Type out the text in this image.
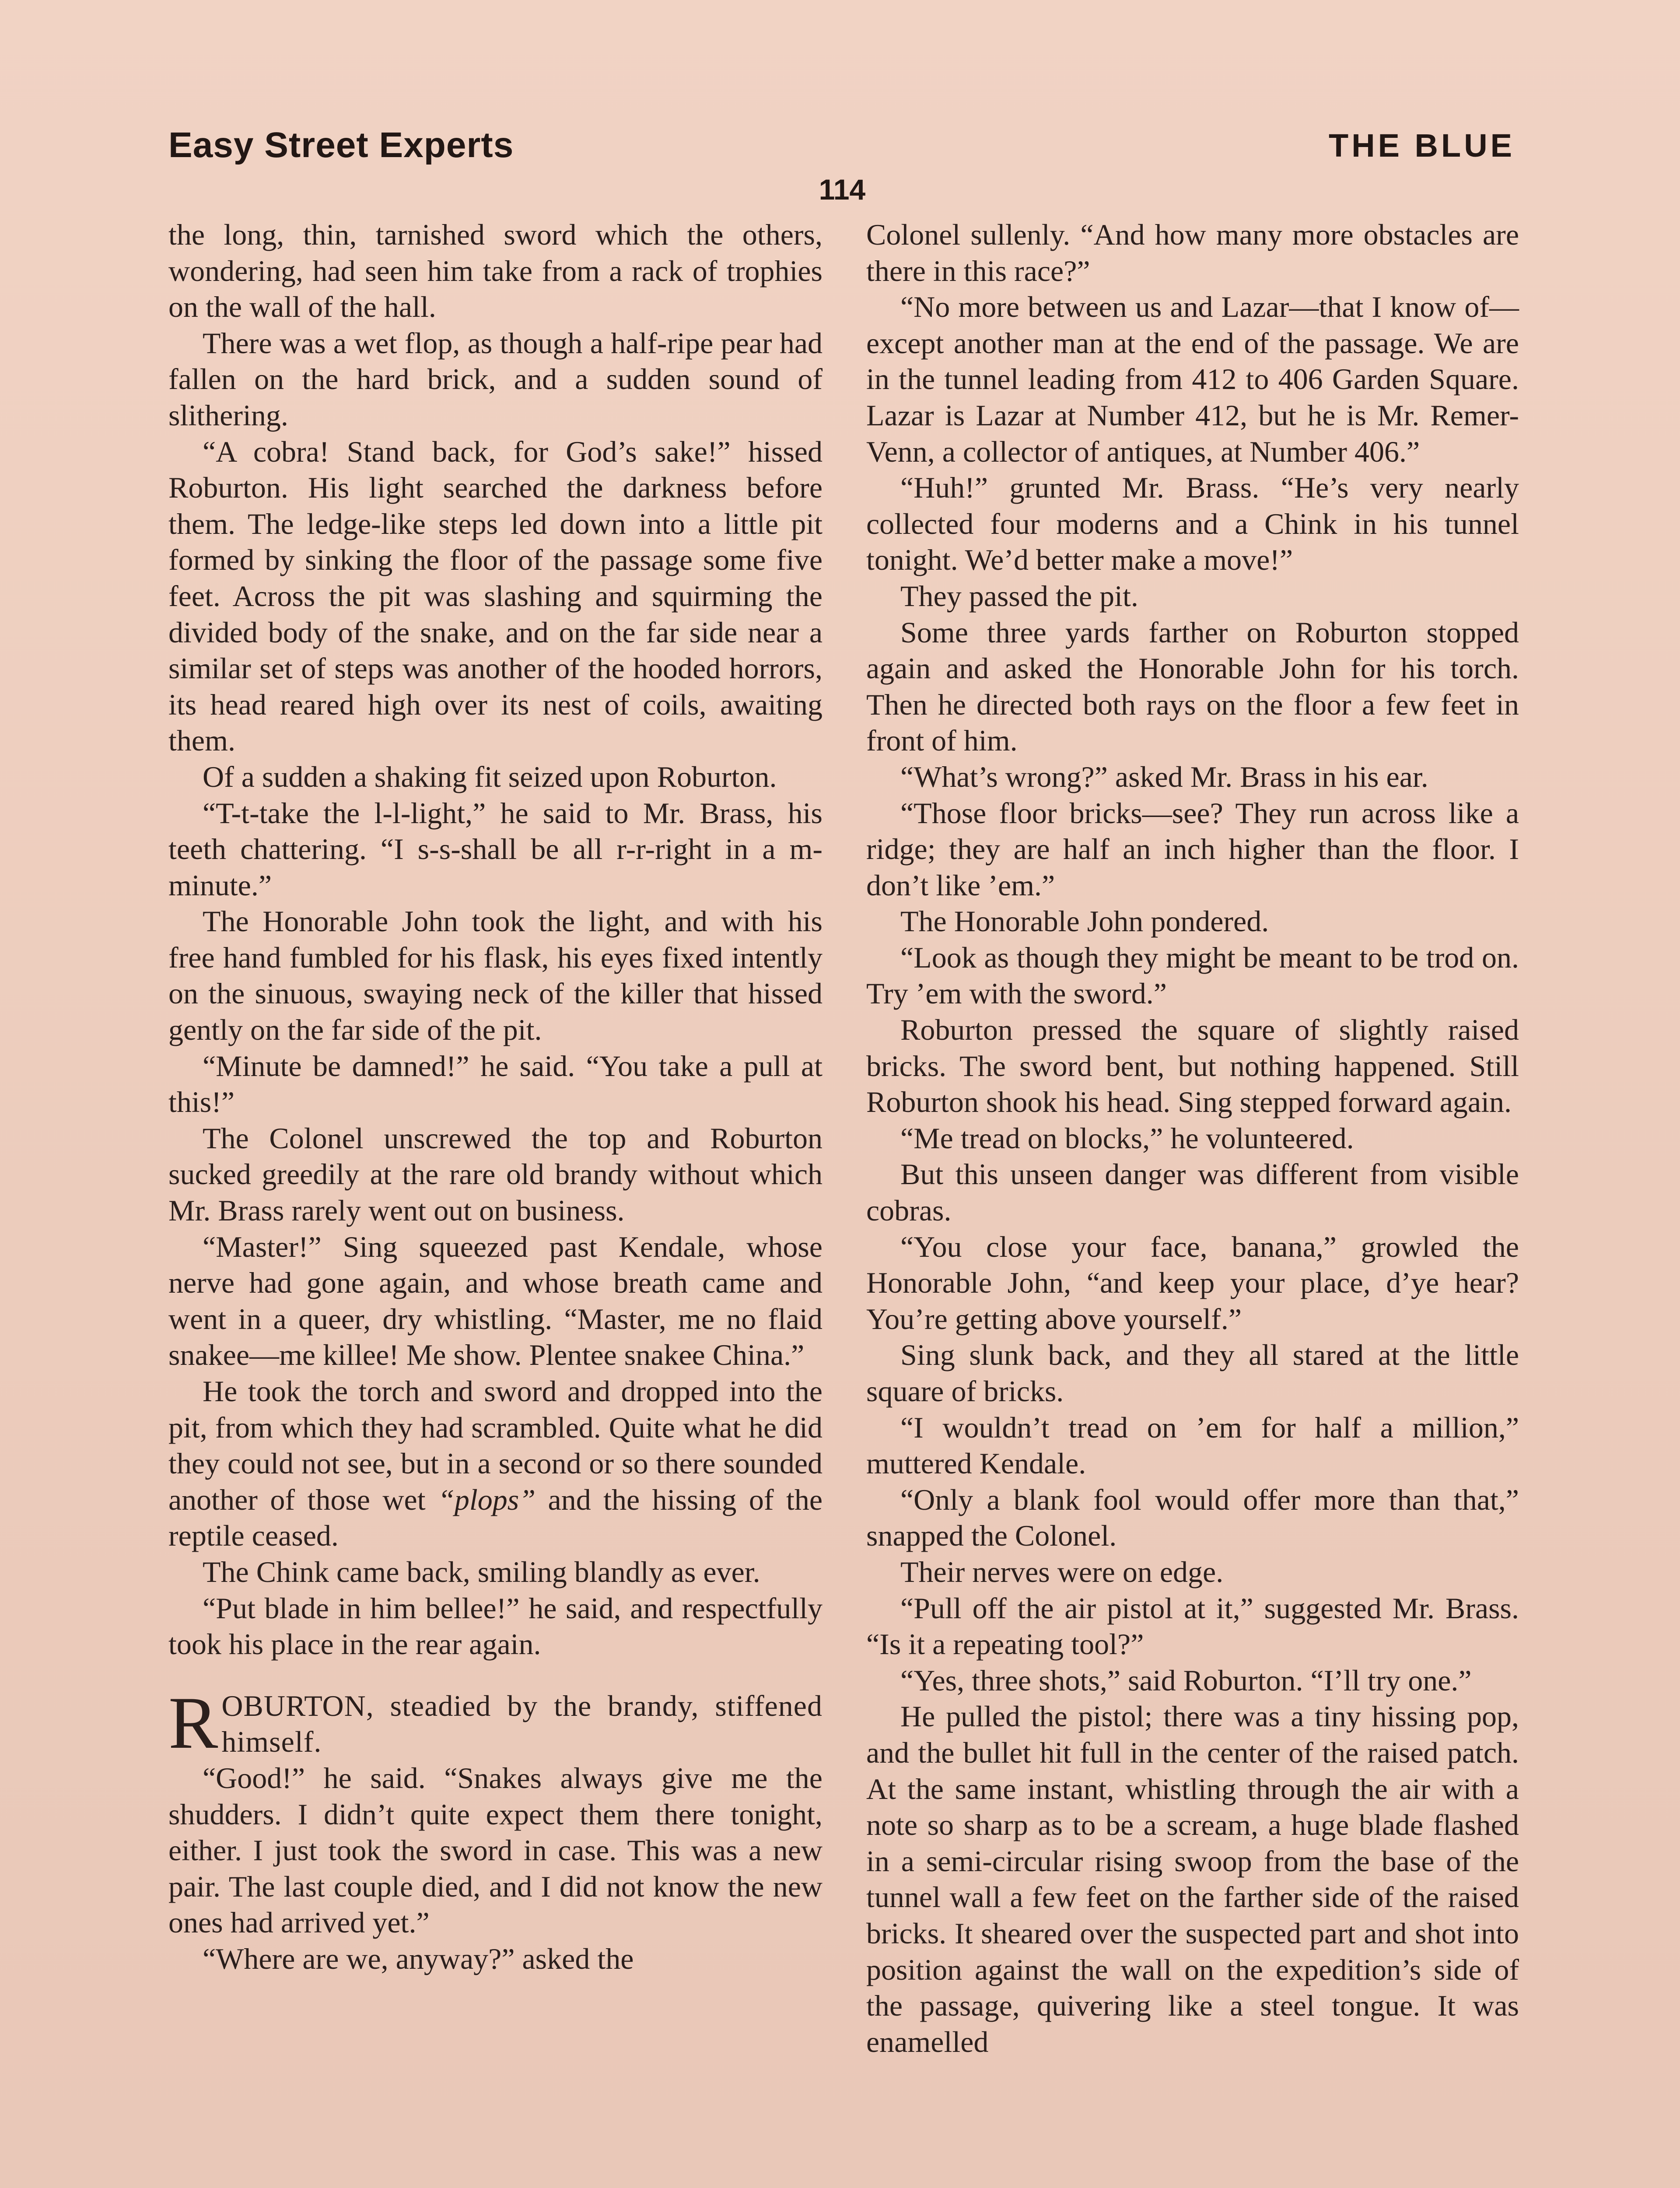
Easy Street Experts	THE BLUE
114

the long, thin, tarnished sword which the others, wondering, had seen him take from a rack of trophies on the wall of the hall.

There was a wet flop, as though a half-ripe pear had fallen on the hard brick, and a sudden sound of slithering.

“A cobra! Stand back, for God’s sake!” hissed Roburton. His light searched the darkness before them. The ledge-like steps led down into a little pit formed by sinking the floor of the passage some five feet. Across the pit was slashing and squirming the divided body of the snake, and on the far side near a similar set of steps was another of the hooded horrors, its head reared high over its nest of coils, awaiting them.

Of a sudden a shaking fit seized upon Roburton.

“T-t-take the l-l-light,” he said to Mr. Brass, his teeth chattering. “I s-s-shall be all r-r-right in a m-minute.”

The Honorable John took the light, and with his free hand fumbled for his flask, his eyes fixed intently on the sinuous, swaying neck of the killer that hissed gently on the far side of the pit.

“Minute be damned!” he said. “You take a pull at this!”

The Colonel unscrewed the top and Roburton sucked greedily at the rare old brandy without which Mr. Brass rarely went out on business.

“Master!” Sing squeezed past Kendale, whose nerve had gone again, and whose breath came and went in a queer, dry whistling. “Master, me no flaid snakee—me killee! Me show. Plentee snakee China.”

He took the torch and sword and dropped into the pit, from which they had scrambled. Quite what he did they could not see, but in a second or so there sounded another of those wet “plops” and the hissing of the reptile ceased.

The Chink came back, smiling blandly as ever.

“Put blade in him bellee!” he said, and respectfully took his place in the rear again.

ROBURTON, steadied by the brandy, stiffened himself.

“Good!” he said. “Snakes always give me the shudders. I didn’t quite expect them there tonight, either. I just took the sword in case. This was a new pair. The last couple died, and I did not know the new ones had arrived yet.”

“Where are we, anyway?” asked the

Colonel sullenly. “And how many more obstacles are there in this race?”

“No more between us and Lazar—that I know of—except another man at the end of the passage. We are in the tunnel leading from 412 to 406 Garden Square. Lazar is Lazar at Number 412, but he is Mr. Remer-Venn, a collector of antiques, at Number 406.”

“Huh!” grunted Mr. Brass. “He’s very nearly collected four moderns and a Chink in his tunnel tonight. We’d better make a move!”

They passed the pit.

Some three yards farther on Roburton stopped again and asked the Honorable John for his torch. Then he directed both rays on the floor a few feet in front of him.

“What’s wrong?” asked Mr. Brass in his ear.

“Those floor bricks—see? They run across like a ridge; they are half an inch higher than the floor. I don’t like ’em.”

The Honorable John pondered.

“Look as though they might be meant to be trod on. Try ’em with the sword.”

Roburton pressed the square of slightly raised bricks. The sword bent, but nothing happened. Still Roburton shook his head. Sing stepped forward again.

“Me tread on blocks,” he volunteered.

But this unseen danger was different from visible cobras.

“You close your face, banana,” growled the Honorable John, “and keep your place, d’ye hear? You’re getting above yourself.”

Sing slunk back, and they all stared at the little square of bricks.

“I wouldn’t tread on ’em for half a million,” muttered Kendale.

“Only a blank fool would offer more than that,” snapped the Colonel.

Their nerves were on edge.

“Pull off the air pistol at it,” suggested Mr. Brass. “Is it a repeating tool?”

“Yes, three shots,” said Roburton. “I’ll try one.”

He pulled the pistol; there was a tiny hissing pop, and the bullet hit full in the center of the raised patch. At the same instant, whistling through the air with a note so sharp as to be a scream, a huge blade flashed in a semi-circular rising swoop from the base of the tunnel wall a few feet on the farther side of the raised bricks. It sheared over the suspected part and shot into position against the wall on the expedition’s side of the passage, quivering like a steel tongue. It was enamelled
